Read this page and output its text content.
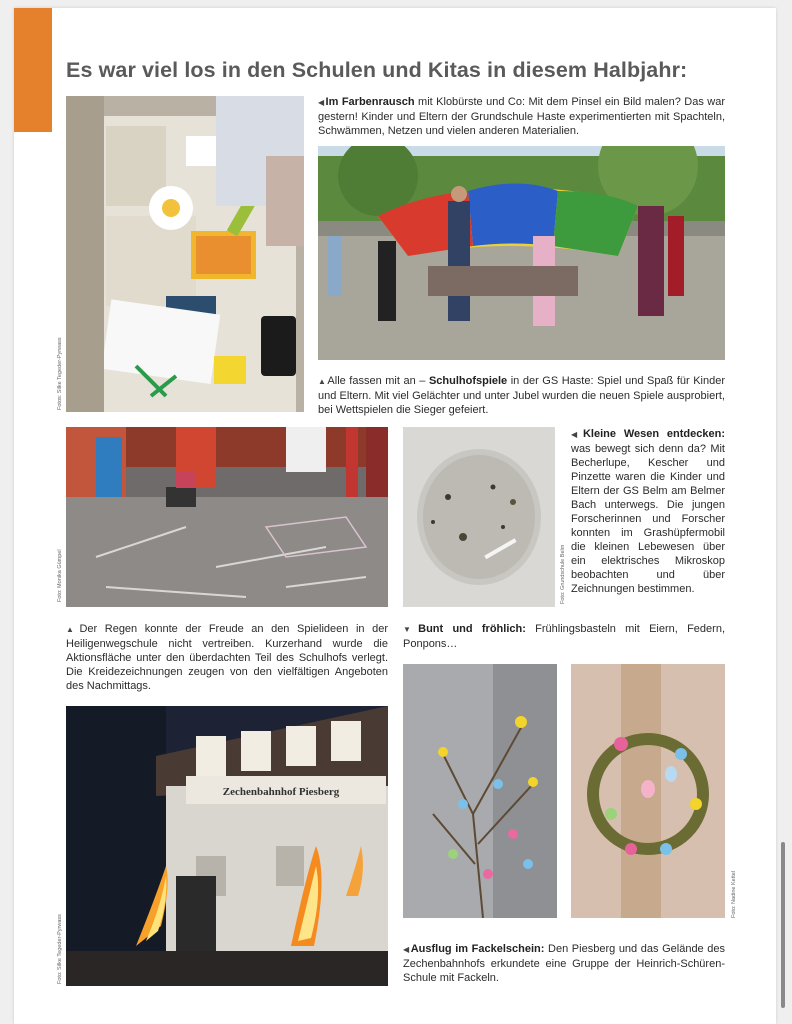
Es war viel los in den Schulen und Kitas in diesem Halbjahr:
Fotos: Silke Tegeder-Pyrwass
◀Im Farbenrausch mit Klobürste und Co: Mit dem Pinsel ein Bild malen? Das war gestern! Kinder und Eltern der Grundschule Haste experimentierten mit Spachteln, Schwämmen, Netzen und vielen anderen Materialien.
▲Alle fassen mit an – Schulhofspiele in der GS Haste: Spiel und Spaß für Kinder und Eltern. Mit viel Gelächter und unter Jubel wurden die neuen Spiele ausprobiert, bei Wettspielen die Sieger gefeiert.
Foto: Monika Gümpel	Foto: Grundschule Belm
◀Kleine Wesen entdecken: was bewegt sich denn da? Mit Becherlupe, Kescher und Pinzette waren die Kinder und Eltern der GS Belm am Belmer Bach unterwegs. Die jungen Forscherinnen und Forscher konnten im Grashüpfermobil die kleinen Lebewesen über ein elektrisches Mikroskop beobachten und über Zeichnungen bestimmen.
▲Der Regen konnte der Freude an den Spielideen in der Heiligenwegschule nicht vertreiben. Kurzerhand wurde die Aktionsfläche unter den überdachten Teil des Schulhofs verlegt. Die Kreidezeichnungen zeugen von den vielfältigen Angeboten des Nachmittags.
▼Bunt und fröhlich: Frühlingsbasteln mit Eiern, Federn, Ponpons…
Zechenbahnhof Piesberg
Foto: Silke Tegeder-Pyrwass
Foto: Nadine Kettel
◀Ausflug im Fackelschein: Den Piesberg und das Gelände des Zechenbahnhofs erkundete eine Gruppe der Heinrich-Schüren-Schule mit Fackeln.
